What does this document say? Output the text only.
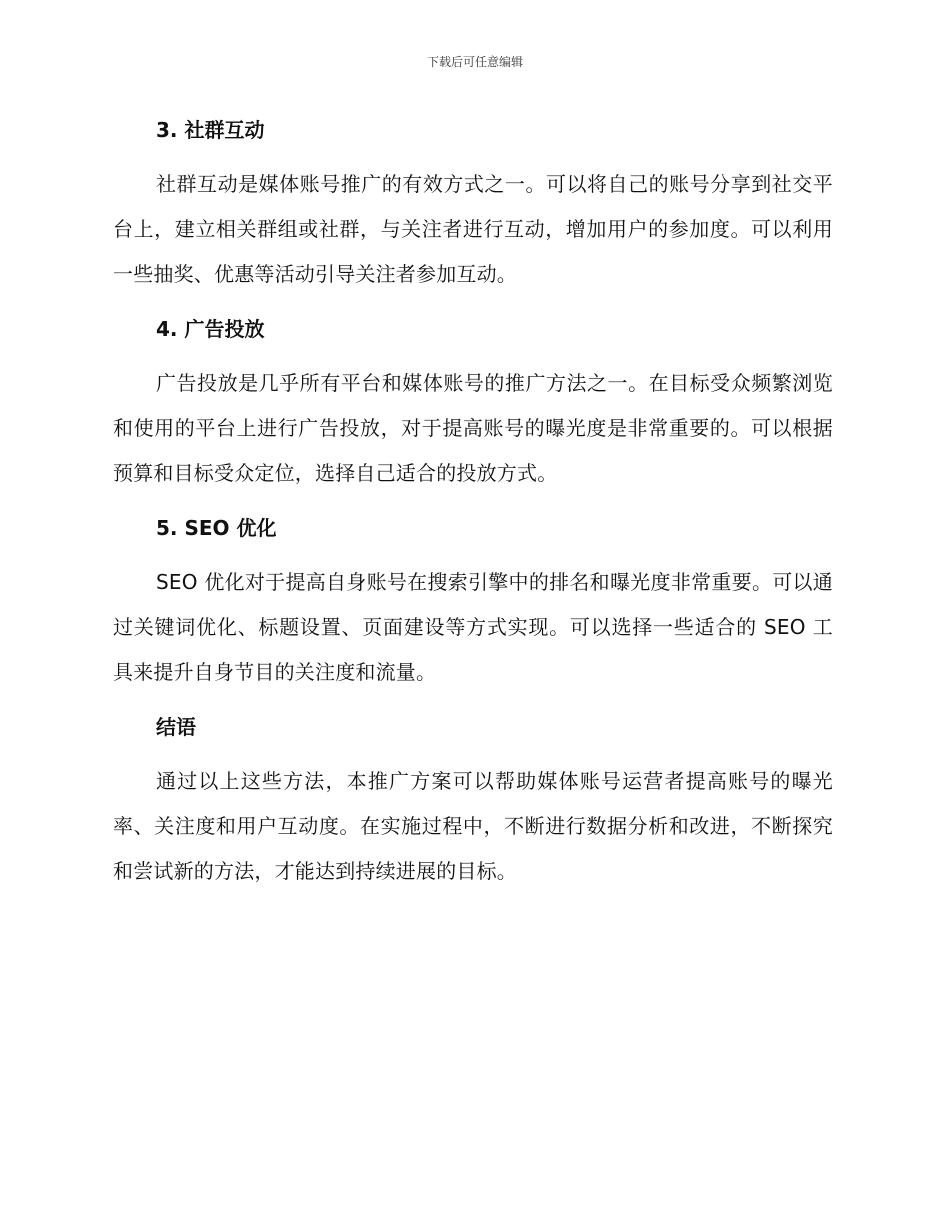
下载后可任意编辑
3. 社群互动

社群互动是媒体账号推广的有效方式之一。可以将自己的账号分享到社交平台上，建立相关群组或社群，与关注者进行互动，增加用户的参加度。可以利用一些抽奖、优惠等活动引导关注者参加互动。

4. 广告投放

广告投放是几乎所有平台和媒体账号的推广方法之一。在目标受众频繁浏览和使用的平台上进行广告投放，对于提高账号的曝光度是非常重要的。可以根据预算和目标受众定位，选择自己适合的投放方式。

5. SEO 优化

SEO 优化对于提高自身账号在搜索引擎中的排名和曝光度非常重要。可以通过关键词优化、标题设置、页面建设等方式实现。可以选择一些适合的 SEO 工具来提升自身节目的关注度和流量。

结语

通过以上这些方法，本推广方案可以帮助媒体账号运营者提高账号的曝光率、关注度和用户互动度。在实施过程中，不断进行数据分析和改进，不断探究和尝试新的方法，才能达到持续进展的目标。
